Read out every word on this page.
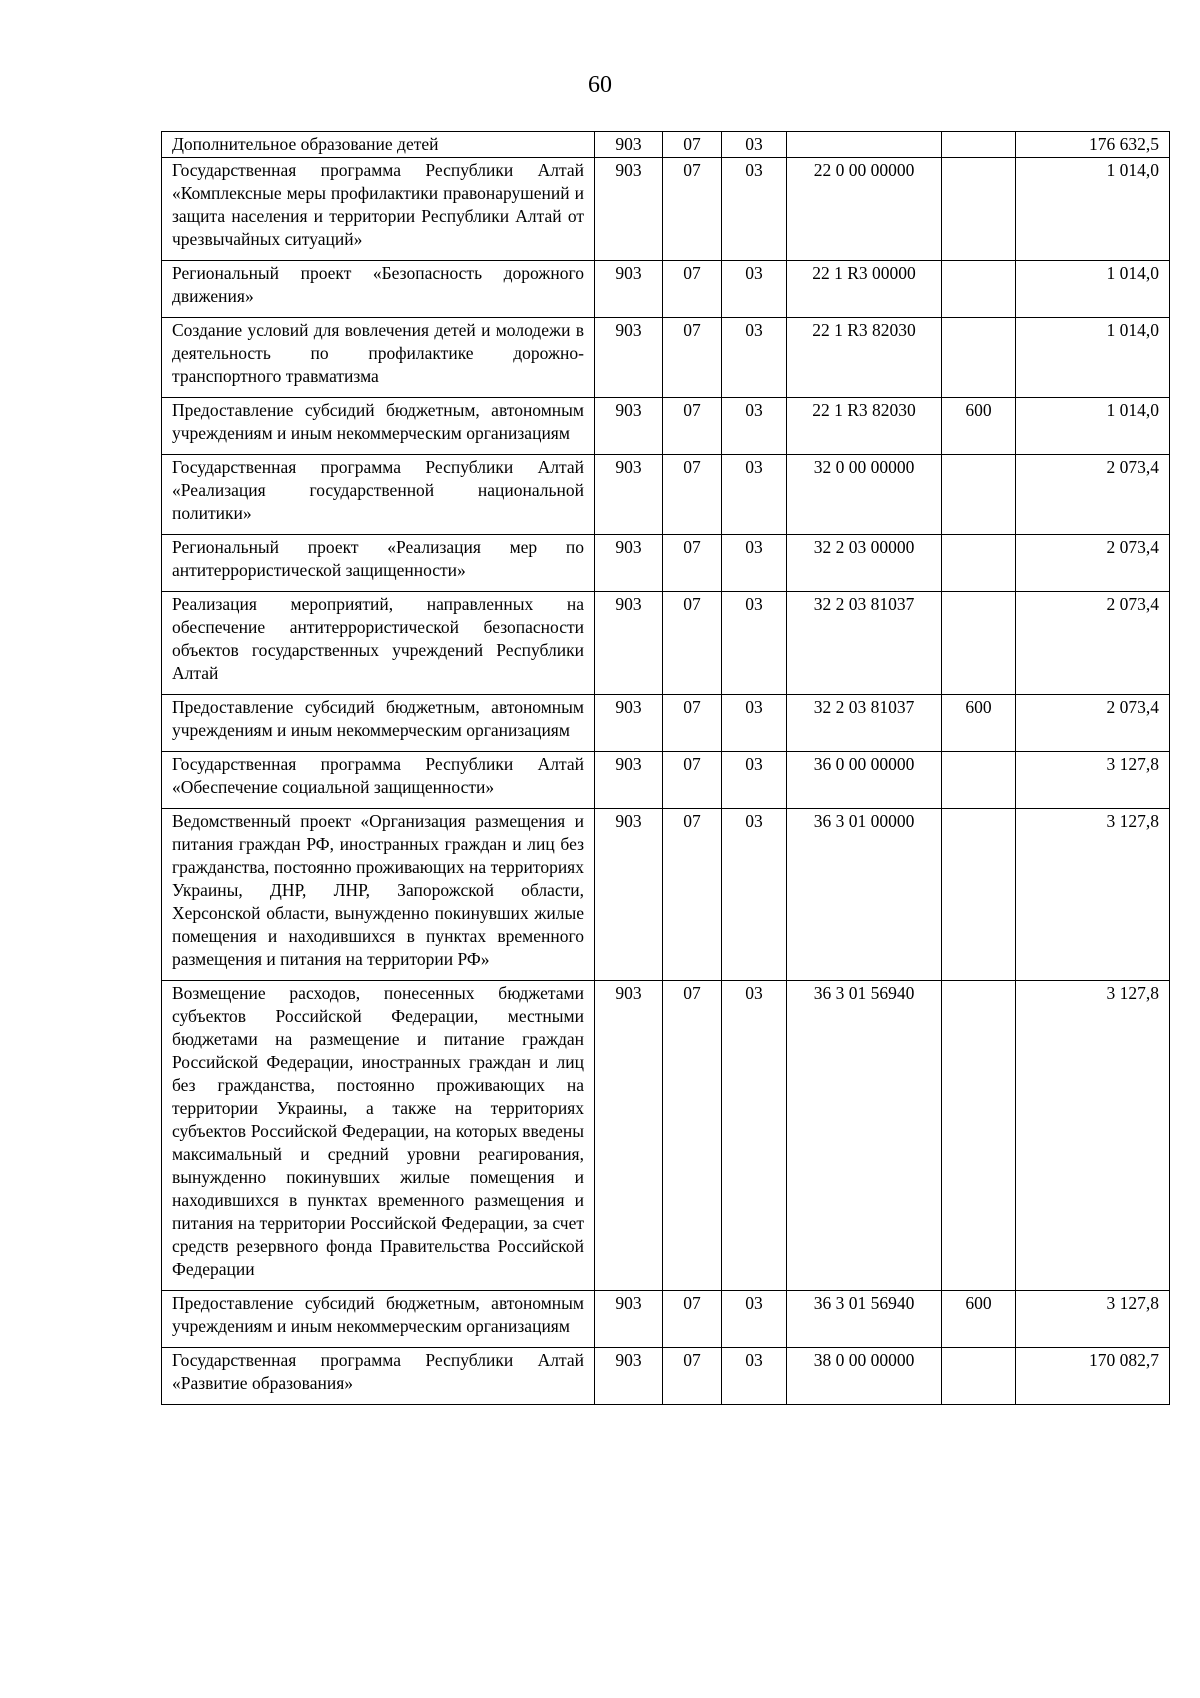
60
Дополнительное образование детей	903	07	03			176 632,5
Государственная программа Республики Алтай «Комплексные меры профилактики правонарушений и защита населения и территории Республики Алтай от чрезвычайных ситуаций»	903	07	03	22 0 00 00000		1 014,0
Региональный проект «Безопасность дорожного движения»	903	07	03	22 1 R3 00000		1 014,0
Создание условий для вовлечения детей и молодежи в деятельность по профилактике дорожно-транспортного травматизма	903	07	03	22 1 R3 82030		1 014,0
Предоставление субсидий бюджетным, автономным учреждениям и иным некоммерческим организациям	903	07	03	22 1 R3 82030	600	1 014,0
Государственная программа Республики Алтай «Реализация государственной национальной политики»	903	07	03	32 0 00 00000		2 073,4
Региональный проект «Реализация мер по антитеррористической защищенности»	903	07	03	32 2 03 00000		2 073,4
Реализация мероприятий, направленных на обеспечение антитеррористической безопасности объектов государственных учреждений Республики Алтай	903	07	03	32 2 03 81037		2 073,4
Предоставление субсидий бюджетным, автономным учреждениям и иным некоммерческим организациям	903	07	03	32 2 03 81037	600	2 073,4
Государственная программа Республики Алтай «Обеспечение социальной защищенности»	903	07	03	36 0 00 00000		3 127,8
Ведомственный проект «Организация размещения и питания граждан РФ, иностранных граждан и лиц без гражданства, постоянно проживающих на территориях Украины, ДНР, ЛНР, Запорожской области, Херсонской области, вынужденно покинувших жилые помещения и находившихся в пунктах временного размещения и питания на территории РФ»	903	07	03	36 3 01 00000		3 127,8
Возмещение расходов, понесенных бюджетами субъектов Российской Федерации, местными бюджетами на размещение и питание граждан Российской Федерации, иностранных граждан и лиц без гражданства, постоянно проживающих на территории Украины, а также на территориях субъектов Российской Федерации, на которых введены максимальный и средний уровни реагирования, вынужденно покинувших жилые помещения и находившихся в пунктах временного размещения и питания на территории Российской Федерации, за счет средств резервного фонда Правительства Российской Федерации	903	07	03	36 3 01 56940		3 127,8
Предоставление субсидий бюджетным, автономным учреждениям и иным некоммерческим организациям	903	07	03	36 3 01 56940	600	3 127,8
Государственная программа Республики Алтай «Развитие образования»	903	07	03	38 0 00 00000		170 082,7
